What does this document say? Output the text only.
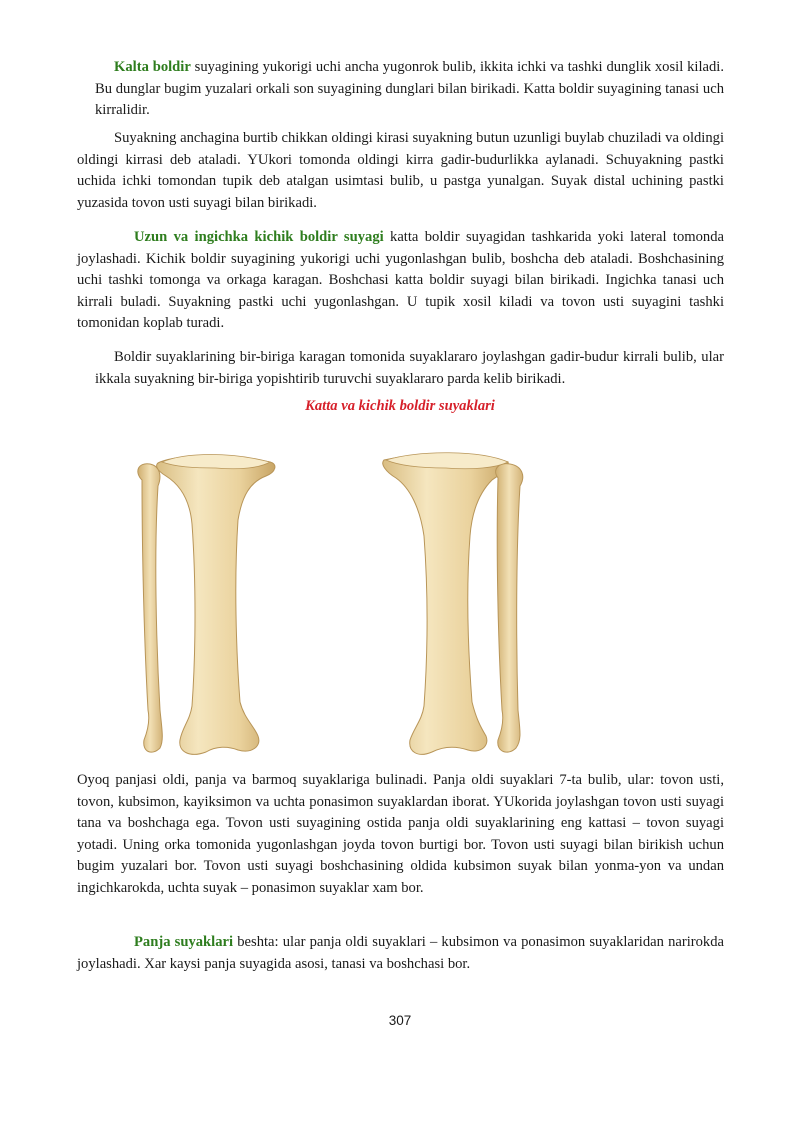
Kalta boldir suyagining yukorigi uchi ancha yugonrok bulib, ikkita ichki va tashki dunglik xosil kiladi. Bu dunglar bugim yuzalari orkali son suyagining dunglari bilan birikadi. Katta boldir suyagining tanasi uch kirralidir.

Suyakning anchagina burtib chikkan oldingi kirasi suyakning butun uzunligi buylab chuziladi va oldingi oldingi kirrasi deb ataladi. YUkori tomonda oldingi kirra gadir-budurlikka aylanadi. Schuyakning pastki uchida ichki tomondan tupik deb atalgan usimtasi bulib, u pastga yunalgan. Suyak distal uchining pastki yuzasida tovon usti suyagi bilan birikadi.

Uzun va ingichka kichik boldir suyagi katta boldir suyagidan tashkarida yoki lateral tomonda joylashadi. Kichik boldir suyagining yukorigi uchi yugonlashgan bulib, boshcha deb ataladi. Boshchasining uchi tashki tomonga va orkaga karagan. Boshchasi katta boldir suyagi bilan birikadi. Ingichka tanasi uch kirrali buladi. Suyakning pastki uchi yugonlashgan. U tupik xosil kiladi va tovon usti suyagini tashki tomonidan koplab turadi.

Boldir suyaklarining bir-biriga karagan tomonida suyaklararo joylashgan gadir-budur kirrali bulib, ular ikkala suyakning bir-biriga yopishtirib turuvchi suyaklararo parda kelib birikadi.

Katta va kichik boldir suyaklari

Oyoq panjasi oldi, panja va barmoq suyaklariga bulinadi. Panja oldi suyaklari 7-ta bulib, ular: tovon usti, tovon, kubsimon, kayiksimon va uchta ponasimon suyaklardan iborat. YUkorida joylashgan tovon usti suyagi tana va boshchaga ega. Tovon usti suyagining ostida panja oldi suyaklarining eng kattasi – tovon suyagi yotadi. Uning orka tomonida yugonlashgan joyda tovon burtigi bor. Tovon usti suyagi bilan birikish uchun bugim yuzalari bor. Tovon usti suyagi boshchasining oldida kubsimon suyak bilan yonma-yon va undan ingichkarokda, uchta suyak – ponasimon suyaklar xam bor.

Panja suyaklari beshta: ular panja oldi suyaklari – kubsimon va ponasimon suyaklaridan narirokda joylashadi. Xar kaysi panja suyagida asosi, tanasi va boshchasi bor.

307
